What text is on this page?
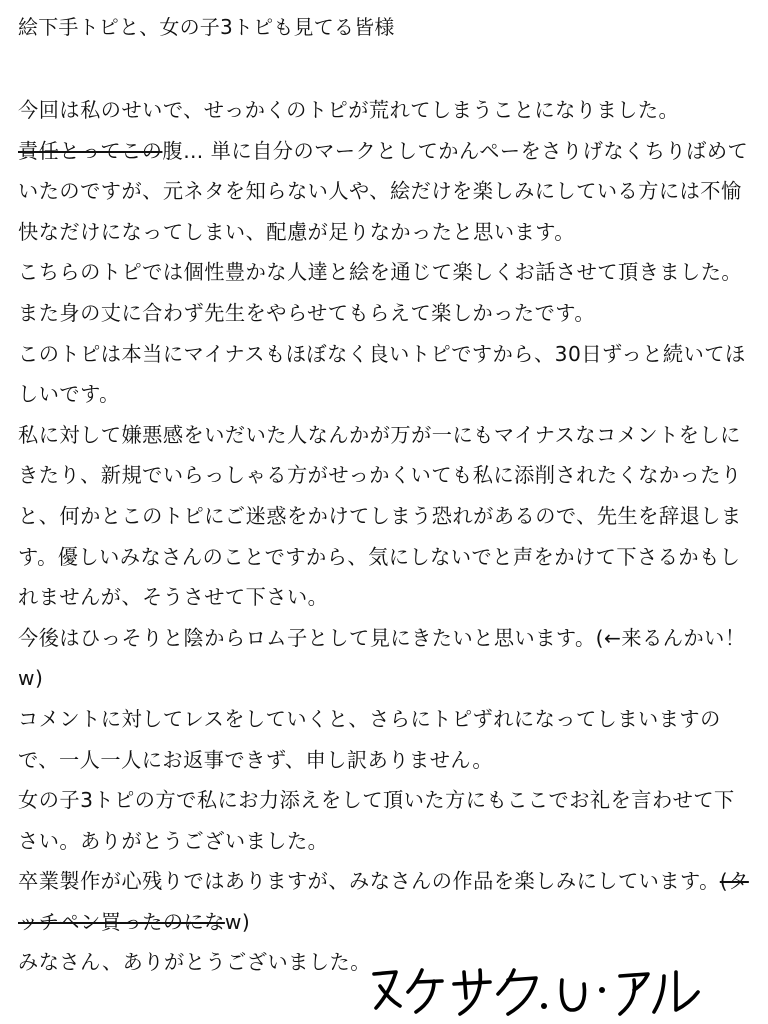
絵下手トピと、女の子3トピも見てる皆様

今回は私のせいで、せっかくのトピが荒れてしまうことになりました。

責任とってこの腹… 単に自分のマークとしてかんペーをさりげなくちりばめていたのですが、元ネタを知らない人や、絵だけを楽しみにしている方には不愉快なだけになってしまい、配慮が足りなかったと思います。

こちらのトピでは個性豊かな人達と絵を通じて楽しくお話させて頂きました。また身の丈に合わず先生をやらせてもらえて楽しかったです。

このトピは本当にマイナスもほぼなく良いトピですから、30日ずっと続いてほしいです。

私に対して嫌悪感をいだいた人なんかが万が一にもマイナスなコメントをしにきたり、新規でいらっしゃる方がせっかくいても私に添削されたくなかったりと、何かとこのトピにご迷惑をかけてしまう恐れがあるので、先生を辞退します。優しいみなさんのことですから、気にしないでと声をかけて下さるかもしれませんが、そうさせて下さい。

今後はひっそりと陰からロム子として見にきたいと思います。(←来るんかい！w)

コメントに対してレスをしていくと、さらにトピずれになってしまいますので、一人一人にお返事できず、申し訳ありません。

女の子3トピの方で私にお力添えをして頂いた方にもここでお礼を言わせて下さい。ありがとうございました。

卒業製作が心残りではありますが、みなさんの作品を楽しみにしています。(タッチペン買ったのになw)

みなさん、ありがとうございました。
